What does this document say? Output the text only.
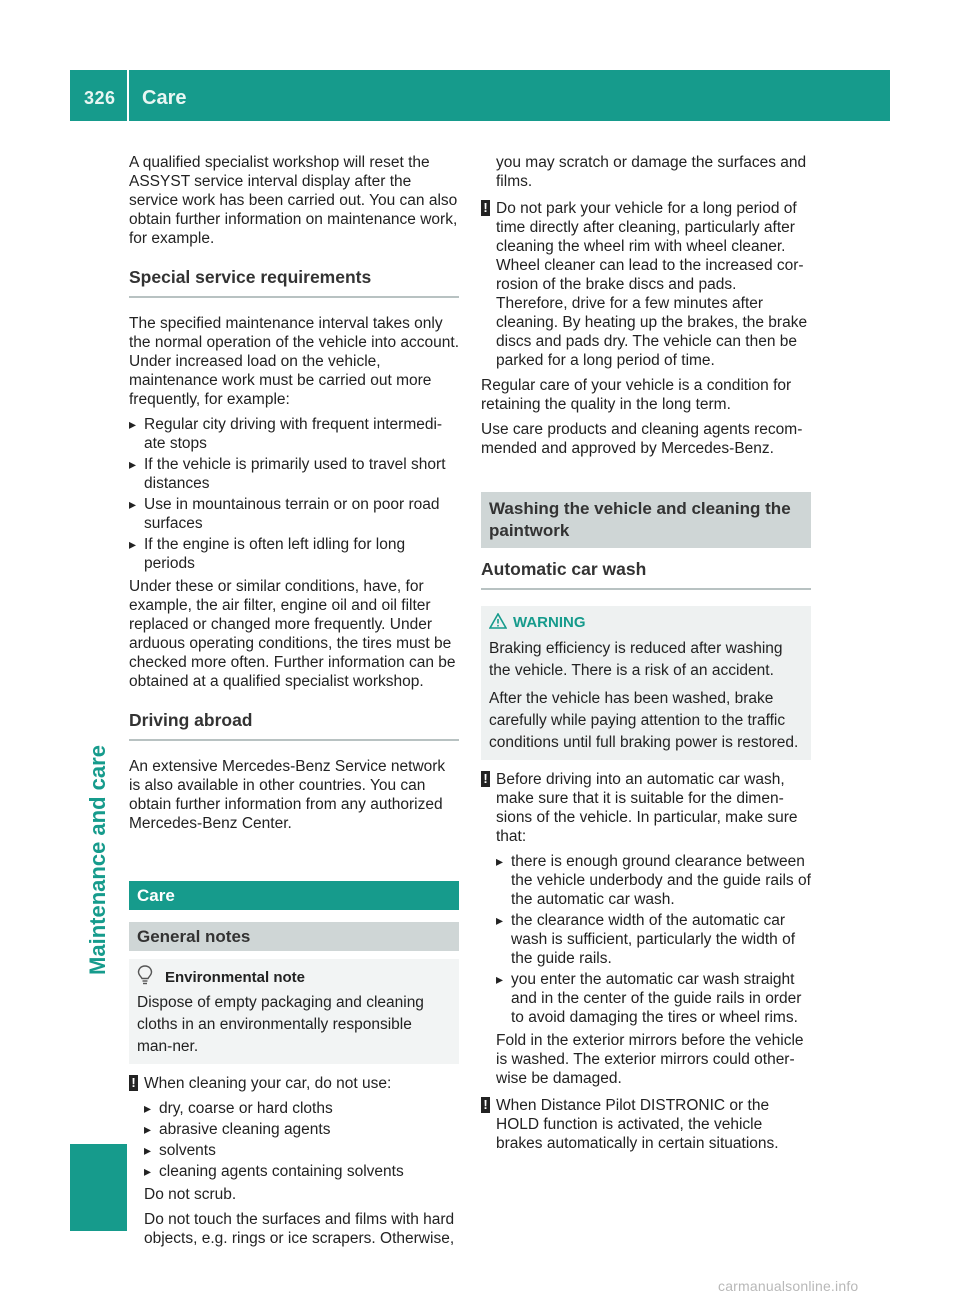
326 Care
Maintenance and care

A qualified specialist workshop will reset the ASSYST service interval display after the service work has been carried out. You can also obtain further information on maintenance work, for example.

Special service requirements

The specified maintenance interval takes only the normal operation of the vehicle into account. Under increased load on the vehicle, maintenance work must be carried out more frequently, for example:

▸ Regular city driving with frequent intermedi-ate stops
▸ If the vehicle is primarily used to travel short distances
▸ Use in mountainous terrain or on poor road surfaces
▸ If the engine is often left idling for long periods

Under these or similar conditions, have, for example, the air filter, engine oil and oil filter replaced or changed more frequently. Under arduous operating conditions, the tires must be checked more often. Further information can be obtained at a qualified specialist workshop.

Driving abroad

An extensive Mercedes-Benz Service network is also available in other countries. You can obtain further information from any authorized Mercedes-Benz Center.

Care
General notes
Environmental note
Dispose of empty packaging and cleaning cloths in an environmentally responsible man-ner.
! When cleaning your car, do not use:
▸ dry, coarse or hard cloths
▸ abrasive cleaning agents
▸ solvents
▸ cleaning agents containing solvents

Do not scrub.

Do not touch the surfaces and films with hard objects, e.g. rings or ice scrapers. Otherwise,

you may scratch or damage the surfaces and films.

! Do not park your vehicle for a long period of time directly after cleaning, particularly after cleaning the wheel rim with wheel cleaner. Wheel cleaner can lead to the increased cor-rosion of the brake discs and pads. Therefore, drive for a few minutes after cleaning. By heating up the brakes, the brake discs and pads dry. The vehicle can then be parked for a long period of time.

Regular care of your vehicle is a condition for retaining the quality in the long term.

Use care products and cleaning agents recom-mended and approved by Mercedes-Benz.

Washing the vehicle and cleaning the paintwork
Automatic car wash
WARNING

Braking efficiency is reduced after washing the vehicle. There is a risk of an accident.

After the vehicle has been washed, brake carefully while paying attention to the traffic conditions until full braking power is restored.

! Before driving into an automatic car wash, make sure that it is suitable for the dimen-sions of the vehicle. In particular, make sure that:
▸ there is enough ground clearance between the vehicle underbody and the guide rails of the automatic car wash.
▸ the clearance width of the automatic car wash is sufficient, particularly the width of the guide rails.
▸ you enter the automatic car wash straight and in the center of the guide rails in order to avoid damaging the tires or wheel rims.

Fold in the exterior mirrors before the vehicle is washed. The exterior mirrors could other-wise be damaged.

! When Distance Pilot DISTRONIC or the HOLD function is activated, the vehicle brakes automatically in certain situations.
carmanualsonline.info
